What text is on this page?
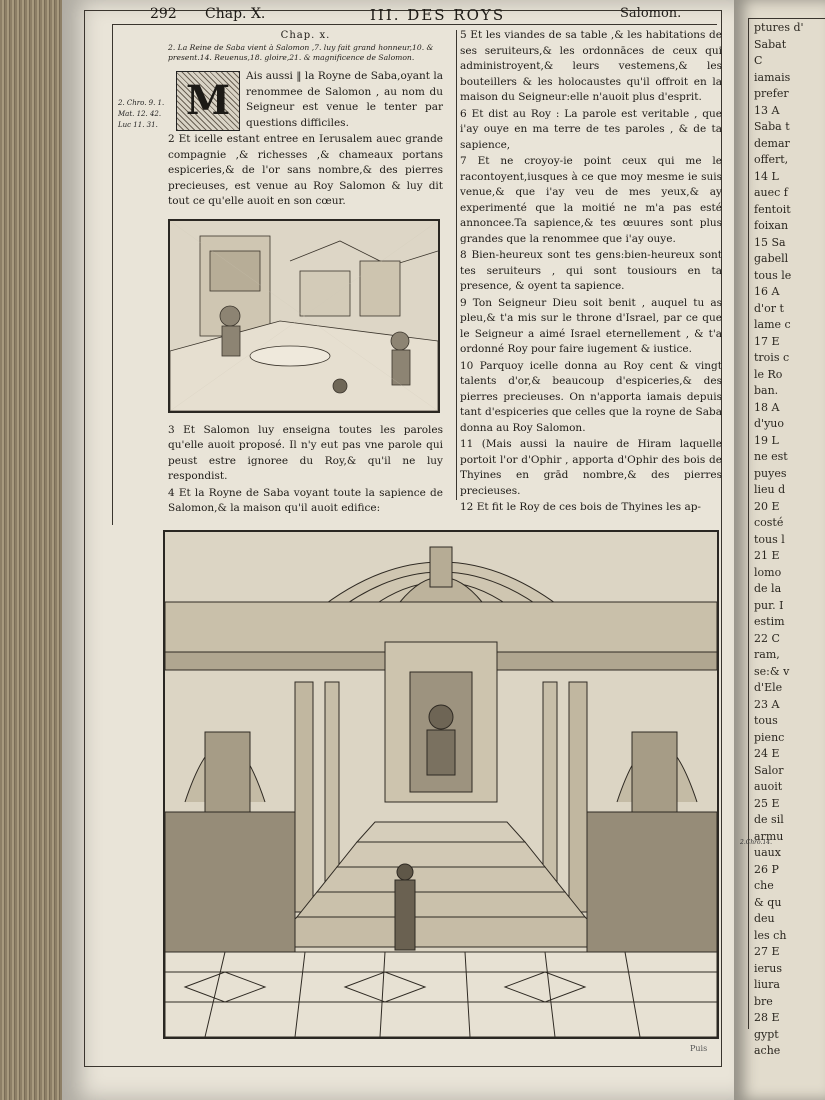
292 Chap. X.	III. DES ROYS	Salomon.
2. Chro. 9. 1.
Mat. 12. 42.
Luc 11. 31.
Chap. x.
2. La Reine de Saba vient à Salomon ,7. luy fait grand honneur,10. & present.14. Reuenus,18. gloire,21. & magnificence de Salomon.
M
Ais aussi ‖ la Royne de Saba,oyant la renommee de Salomon , au nom du Seigneur est venue le tenter par questions difficiles.
2 Et icelle estant entree en Ierusalem auec grande compagnie ,& richesses ,& chameaux portans espiceries,& de l'or sans nombre,& des pierres precieuses, est venue au Roy Salomon & luy dit tout ce qu'elle auoit en son cœur.
3 Et Salomon luy enseigna toutes les paroles qu'elle auoit proposé. Il n'y eut pas vne parole qui peust estre ignoree du Roy,& qu'il ne luy respondist.
4 Et la Royne de Saba voyant toute la sapience de Salomon,& la maison qu'il auoit edifice:
5 Et les viandes de sa table ,& les habitations de ses seruiteurs,& les ordonnāces de ceux qui administroyent,& leurs vestemens,& les bouteillers & les holocaustes qu'il offroit en la maison du Seigneur:elle n'auoit plus d'esprit.
6 Et dist au Roy : La parole est veritable , que i'ay ouye en ma terre de tes paroles , & de ta sapience,
7 Et ne croyoy-ie point ceux qui me le racontoyent,iusques à ce que moy mesme ie suis venue,& que i'ay veu de mes yeux,& ay experimenté que la moitié ne m'a pas esté annoncee.Ta sapience,& tes œuures sont plus grandes que la renommee que i'ay ouye.
8 Bien-heureux sont tes gens:bien-heureux sont tes seruiteurs , qui sont tousiours en ta presence, & oyent ta sapience.
9 Ton Seigneur Dieu soit benit , auquel tu as pleu,& t'a mis sur le throne d'Israel, par ce que le Seigneur a aimé Israel eternellement , & t'a ordonné Roy pour faire iugement & iustice.
10 Parquoy icelle donna au Roy cent & vingt talents d'or,& beaucoup d'espiceries,& des pierres precieuses. On n'apporta iamais depuis tant d'espiceries que celles que la royne de Saba donna au Roy Salomon.
11 (Mais aussi la nauire de Hiram laquelle portoit l'or d'Ophir , apporta d'Ophir des bois de Thyines en grād nombre,& des pierres precieuses.
12 Et fit le Roy de ces bois de Thyines les ap-
ptures d'
Sabat
C
iamais
prefer
13 A
Saba t
demar
offert,
14 L
auec f
fentoit
foixan
15 Sa
gabell
tous le
16 A
d'or t
lame c
17 E
trois c
le Ro
ban.
18 A
d'yuo
19 L
ne est
puyes
lieu d
20 E
costé
tous l
21 E
lomo
de la
pur. I
estim
22 C
ram,
se:& v
d'Ele
23 A
tous
pienc
24 E
Salor
auoit
25 E
de sil
armu
uaux
26 P
che
& qu
deu
les ch
27 E
ierus
liura
bre
28 E
gypt
ache
2.Chro.14.
Puis
